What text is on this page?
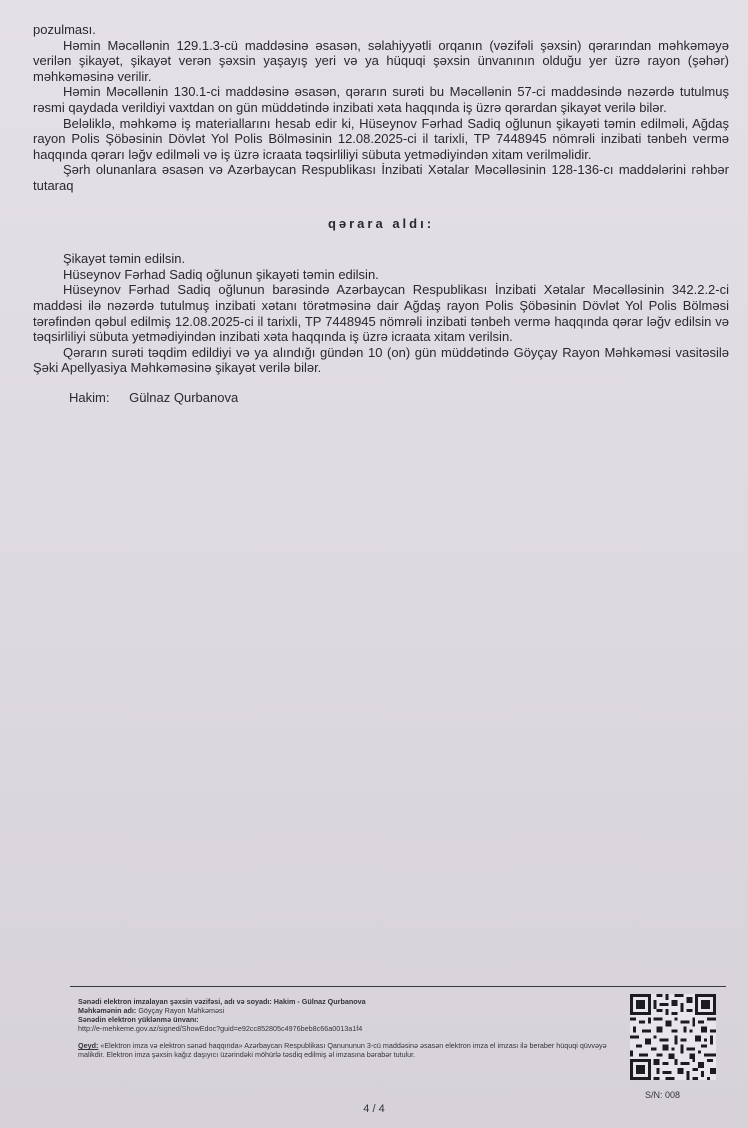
pozulması.

Həmin Məcəllənin 129.1.3-cü maddəsinə əsasən, səlahiyyətli orqanın (vəzifəli şəxsin) qərarından məhkəməyə verilən şikayət, şikayət verən şəxsin yaşayış yeri və ya hüquqi şəxsin ünvanının olduğu yer üzrə rayon (şəhər) məhkəməsinə verilir.

Həmin Məcəllənin 130.1-ci maddəsinə əsasən, qərarın surəti bu Məcəllənin 57-ci maddəsində nəzərdə tutulmuş rəsmi qaydada verildiyi vaxtdan on gün müddətində inzibati xəta haqqında iş üzrə qərardan şikayət verilə bilər.

Beləliklə, məhkəmə iş materiallarını hesab edir ki, Hüseynov Fərhad Sadiq oğlunun şikayəti təmin edilməli, Ağdaş rayon Polis Şöbəsinin Dövlət Yol Polis Bölməsinin 12.08.2025-ci il tarixli, TP 7448945 nömrəli inzibati tənbeh vermə haqqında qərarı ləğv edilməli və iş üzrə icraata təqsirliliyi sübuta yetmədiyindən xitam verilməlidir.

Şərh olunanlara əsasən və Azərbaycan Respublikası İnzibati Xətalar Məcəlləsinin 128-136-cı maddələrini rəhbər tutaraq

qərara aldı:

Şikayət təmin edilsin.

Hüseynov Fərhad Sadiq oğlunun şikayəti təmin edilsin.

Hüseynov Fərhad Sadiq oğlunun barəsində Azərbaycan Respublikası İnzibati Xətalar Məcəlləsinin 342.2.2-ci maddəsi ilə nəzərdə tutulmuş inzibati xətanı törətməsinə dair Ağdaş rayon Polis Şöbəsinin Dövlət Yol Polis Bölməsi tərəfindən qəbul edilmiş 12.08.2025-ci il tarixli, TP 7448945 nömrəli inzibati tənbeh vermə haqqında qərar ləğv edilsin və təqsirliliyi sübuta yetmədiyindən inzibati xəta haqqında iş üzrə icraata xitam verilsin.

Qərarın surəti təqdim edildiyi və ya alındığı gündən 10 (on) gün müddətində Göyçay Rayon Məhkəməsi vasitəsilə Şəki Apellyasiya Məhkəməsinə şikayət verilə bilər.

Hakim: Gülnaz Qurbanova

Sənədi elektron imzalayan şəxsin vəzifəsi, adı və soyadı: Hakim - Gülnaz Qurbanova

Məhkəmənin adı: Göyçay Rayon Məhkəməsi

Sənədin elektron yüklənmə ünvanı:

http://e-mehkeme.gov.az/signed/ShowEdoc?guid=e92cc852805c4976beb8c66a0013a1f4

Qeyd: «Elektron imza və elektron sənəd haqqında» Azərbaycan Respublikası Qanununun 3-cü maddəsinə əsasən elektron imza el imzası ilə beraber hüquqi qüvvəyə malikdir. Elektron imza şəxsin kağız daşıyıcı üzərindəki möhürlə təsdiq edilmiş əl imzasına bərabər tutulur.

S/N: 008
4 / 4
